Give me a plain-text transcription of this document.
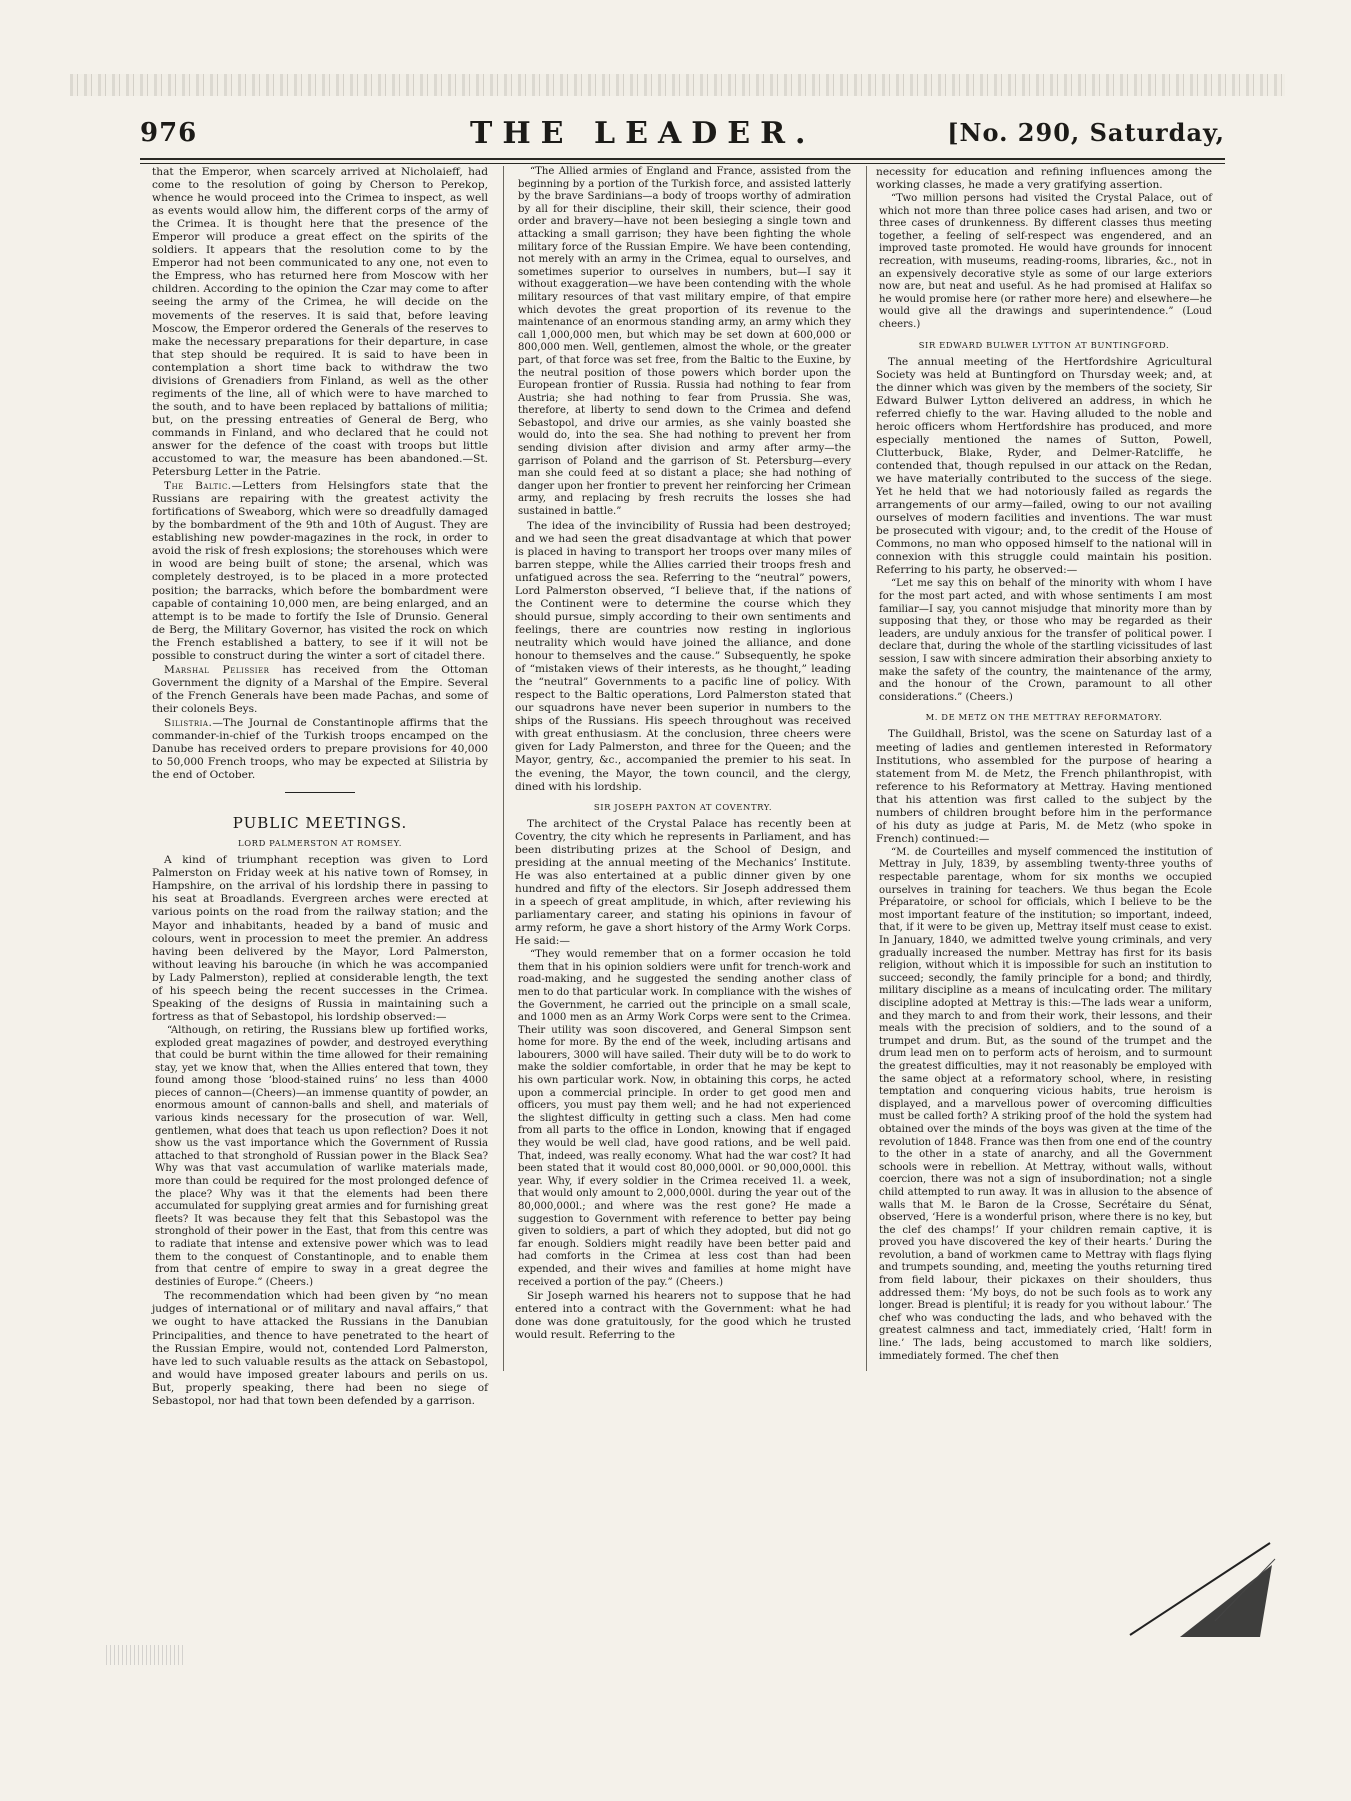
976	THE LEADER.	[No. 290, Saturday,

that the Emperor, when scarcely arrived at Nicholaieff, had come to the resolution of going by Cherson to Perekop, whence he would proceed into the Crimea to inspect, as well as events would allow him, the different corps of the army of the Crimea. It is thought here that the presence of the Emperor will produce a great effect on the spirits of the soldiers. It appears that the resolution come to by the Emperor had not been communicated to any one, not even to the Empress, who has returned here from Moscow with her children. According to the opinion the Czar may come to after seeing the army of the Crimea, he will decide on the movements of the reserves. It is said that, before leaving Moscow, the Emperor ordered the Generals of the reserves to make the necessary preparations for their departure, in case that step should be required. It is said to have been in contemplation a short time back to withdraw the two divisions of Grenadiers from Finland, as well as the other regiments of the line, all of which were to have marched to the south, and to have been replaced by battalions of militia; but, on the pressing entreaties of General de Berg, who commands in Finland, and who declared that he could not answer for the defence of the coast with troops but little accustomed to war, the measure has been abandoned.—St. Petersburg Letter in the Patrie.

The Baltic.—Letters from Helsingfors state that the Russians are repairing with the greatest activity the fortifications of Sweaborg, which were so dreadfully damaged by the bombardment of the 9th and 10th of August. They are establishing new powder-magazines in the rock, in order to avoid the risk of fresh explosions; the storehouses which were in wood are being built of stone; the arsenal, which was completely destroyed, is to be placed in a more protected position; the barracks, which before the bombardment were capable of containing 10,000 men, are being enlarged, and an attempt is to be made to fortify the Isle of Drunsio. General de Berg, the Military Governor, has visited the rock on which the French established a battery, to see if it will not be possible to construct during the winter a sort of citadel there.

Marshal Pelissier has received from the Ottoman Government the dignity of a Marshal of the Empire. Several of the French Generals have been made Pachas, and some of their colonels Beys.

Silistria.—The Journal de Constantinople affirms that the commander-in-chief of the Turkish troops encamped on the Danube has received orders to prepare provisions for 40,000 to 50,000 French troops, who may be expected at Silistria by the end of October.

PUBLIC MEETINGS.
LORD PALMERSTON AT ROMSEY.

A kind of triumphant reception was given to Lord Palmerston on Friday week at his native town of Romsey, in Hampshire, on the arrival of his lordship there in passing to his seat at Broadlands. Evergreen arches were erected at various points on the road from the railway station; and the Mayor and inhabitants, headed by a band of music and colours, went in procession to meet the premier. An address having been delivered by the Mayor, Lord Palmerston, without leaving his barouche (in which he was accompanied by Lady Palmerston), replied at considerable length, the text of his speech being the recent successes in the Crimea. Speaking of the designs of Russia in maintaining such a fortress as that of Sebastopol, his lordship observed:—

“Although, on retiring, the Russians blew up fortified works, exploded great magazines of powder, and destroyed everything that could be burnt within the time allowed for their remaining stay, yet we know that, when the Allies entered that town, they found among those ‘blood-stained ruins’ no less than 4000 pieces of cannon—(Cheers)—an immense quantity of powder, an enormous amount of cannon-balls and shell, and materials of various kinds necessary for the prosecution of war. Well, gentlemen, what does that teach us upon reflection? Does it not show us the vast importance which the Government of Russia attached to that stronghold of Russian power in the Black Sea? Why was that vast accumulation of warlike materials made, more than could be required for the most prolonged defence of the place? Why was it that the elements had been there accumulated for supplying great armies and for furnishing great fleets? It was because they felt that this Sebastopol was the stronghold of their power in the East, that from this centre was to radiate that intense and extensive power which was to lead them to the conquest of Constantinople, and to enable them from that centre of empire to sway in a great degree the destinies of Europe.” (Cheers.)

The recommendation which had been given by “no mean judges of international or of military and naval affairs,” that we ought to have attacked the Russians in the Danubian Principalities, and thence to have penetrated to the heart of the Russian Empire, would not, contended Lord Palmerston, have led to such valuable results as the attack on Sebastopol, and would have imposed greater labours and perils on us. But, properly speaking, there had been no siege of Sebastopol, nor had that town been defended by a garrison.

“The Allied armies of England and France, assisted from the beginning by a portion of the Turkish force, and assisted latterly by the brave Sardinians—a body of troops worthy of admiration by all for their discipline, their skill, their science, their good order and bravery—have not been besieging a single town and attacking a small garrison; they have been fighting the whole military force of the Russian Empire. We have been contending, not merely with an army in the Crimea, equal to ourselves, and sometimes superior to ourselves in numbers, but—I say it without exaggeration—we have been contending with the whole military resources of that vast military empire, of that empire which devotes the great proportion of its revenue to the maintenance of an enormous standing army, an army which they call 1,000,000 men, but which may be set down at 600,000 or 800,000 men. Well, gentlemen, almost the whole, or the greater part, of that force was set free, from the Baltic to the Euxine, by the neutral position of those powers which border upon the European frontier of Russia. Russia had nothing to fear from Austria; she had nothing to fear from Prussia. She was, therefore, at liberty to send down to the Crimea and defend Sebastopol, and drive our armies, as she vainly boasted she would do, into the sea. She had nothing to prevent her from sending division after division and army after army—the garrison of Poland and the garrison of St. Petersburg—every man she could feed at so distant a place; she had nothing of danger upon her frontier to prevent her reinforcing her Crimean army, and replacing by fresh recruits the losses she had sustained in battle.”

The idea of the invincibility of Russia had been destroyed; and we had seen the great disadvantage at which that power is placed in having to transport her troops over many miles of barren steppe, while the Allies carried their troops fresh and unfatigued across the sea. Referring to the “neutral” powers, Lord Palmerston observed, “I believe that, if the nations of the Continent were to determine the course which they should pursue, simply according to their own sentiments and feelings, there are countries now resting in inglorious neutrality which would have joined the alliance, and done honour to themselves and the cause.” Subsequently, he spoke of “mistaken views of their interests, as he thought,” leading the “neutral” Governments to a pacific line of policy. With respect to the Baltic operations, Lord Palmerston stated that our squadrons have never been superior in numbers to the ships of the Russians. His speech throughout was received with great enthusiasm. At the conclusion, three cheers were given for Lady Palmerston, and three for the Queen; and the Mayor, gentry, &c., accompanied the premier to his seat. In the evening, the Mayor, the town council, and the clergy, dined with his lordship.

SIR JOSEPH PAXTON AT COVENTRY.

The architect of the Crystal Palace has recently been at Coventry, the city which he represents in Parliament, and has been distributing prizes at the School of Design, and presiding at the annual meeting of the Mechanics’ Institute. He was also entertained at a public dinner given by one hundred and fifty of the electors. Sir Joseph addressed them in a speech of great amplitude, in which, after reviewing his parliamentary career, and stating his opinions in favour of army reform, he gave a short history of the Army Work Corps. He said:—

“They would remember that on a former occasion he told them that in his opinion soldiers were unfit for trench-work and road-making, and he suggested the sending another class of men to do that particular work. In compliance with the wishes of the Government, he carried out the principle on a small scale, and 1000 men as an Army Work Corps were sent to the Crimea. Their utility was soon discovered, and General Simpson sent home for more. By the end of the week, including artisans and labourers, 3000 will have sailed. Their duty will be to do work to make the soldier comfortable, in order that he may be kept to his own particular work. Now, in obtaining this corps, he acted upon a commercial principle. In order to get good men and officers, you must pay them well; and he had not experienced the slightest difficulty in getting such a class. Men had come from all parts to the office in London, knowing that if engaged they would be well clad, have good rations, and be well paid. That, indeed, was really economy. What had the war cost? It had been stated that it would cost 80,000,000l. or 90,000,000l. this year. Why, if every soldier in the Crimea received 1l. a week, that would only amount to 2,000,000l. during the year out of the 80,000,000l.; and where was the rest gone? He made a suggestion to Government with reference to better pay being given to soldiers, a part of which they adopted, but did not go far enough. Soldiers might readily have been better paid and had comforts in the Crimea at less cost than had been expended, and their wives and families at home might have received a portion of the pay.” (Cheers.)

Sir Joseph warned his hearers not to suppose that he had entered into a contract with the Government: what he had done was done gratuitously, for the good which he trusted would result. Referring to the

necessity for education and refining influences among the working classes, he made a very gratifying assertion.

“Two million persons had visited the Crystal Palace, out of which not more than three police cases had arisen, and two or three cases of drunkenness. By different classes thus meeting together, a feeling of self-respect was engendered, and an improved taste promoted. He would have grounds for innocent recreation, with museums, reading-rooms, libraries, &c., not in an expensively decorative style as some of our large exteriors now are, but neat and useful. As he had promised at Halifax so he would promise here (or rather more here) and elsewhere—he would give all the drawings and superintendence.” (Loud cheers.)

SIR EDWARD BULWER LYTTON AT BUNTINGFORD.

The annual meeting of the Hertfordshire Agricultural Society was held at Buntingford on Thursday week; and, at the dinner which was given by the members of the society, Sir Edward Bulwer Lytton delivered an address, in which he referred chiefly to the war. Having alluded to the noble and heroic officers whom Hertfordshire has produced, and more especially mentioned the names of Sutton, Powell, Clutterbuck, Blake, Ryder, and Delmer-Ratcliffe, he contended that, though repulsed in our attack on the Redan, we have materially contributed to the success of the siege. Yet he held that we had notoriously failed as regards the arrangements of our army—failed, owing to our not availing ourselves of modern facilities and inventions. The war must be prosecuted with vigour; and, to the credit of the House of Commons, no man who opposed himself to the national will in connexion with this struggle could maintain his position. Referring to his party, he observed:—

“Let me say this on behalf of the minority with whom I have for the most part acted, and with whose sentiments I am most familiar—I say, you cannot misjudge that minority more than by supposing that they, or those who may be regarded as their leaders, are unduly anxious for the transfer of political power. I declare that, during the whole of the startling vicissitudes of last session, I saw with sincere admiration their absorbing anxiety to make the safety of the country, the maintenance of the army, and the honour of the Crown, paramount to all other considerations.” (Cheers.)

M. DE METZ ON THE METTRAY REFORMATORY.

The Guildhall, Bristol, was the scene on Saturday last of a meeting of ladies and gentlemen interested in Reformatory Institutions, who assembled for the purpose of hearing a statement from M. de Metz, the French philanthropist, with reference to his Reformatory at Mettray. Having mentioned that his attention was first called to the subject by the numbers of children brought before him in the performance of his duty as judge at Paris, M. de Metz (who spoke in French) continued:—

“M. de Courteilles and myself commenced the institution of Mettray in July, 1839, by assembling twenty-three youths of respectable parentage, whom for six months we occupied ourselves in training for teachers. We thus began the Ecole Préparatoire, or school for officials, which I believe to be the most important feature of the institution; so important, indeed, that, if it were to be given up, Mettray itself must cease to exist. In January, 1840, we admitted twelve young criminals, and very gradually increased the number. Mettray has first for its basis religion, without which it is impossible for such an institution to succeed; secondly, the family principle for a bond; and thirdly, military discipline as a means of inculcating order. The military discipline adopted at Mettray is this:—The lads wear a uniform, and they march to and from their work, their lessons, and their meals with the precision of soldiers, and to the sound of a trumpet and drum. But, as the sound of the trumpet and the drum lead men on to perform acts of heroism, and to surmount the greatest difficulties, may it not reasonably be employed with the same object at a reformatory school, where, in resisting temptation and conquering vicious habits, true heroism is displayed, and a marvellous power of overcoming difficulties must be called forth? A striking proof of the hold the system had obtained over the minds of the boys was given at the time of the revolution of 1848. France was then from one end of the country to the other in a state of anarchy, and all the Government schools were in rebellion. At Mettray, without walls, without coercion, there was not a sign of insubordination; not a single child attempted to run away. It was in allusion to the absence of walls that M. le Baron de la Crosse, Secrétaire du Sénat, observed, ‘Here is a wonderful prison, where there is no key, but the clef des champs!’ If your children remain captive, it is proved you have discovered the key of their hearts.’ During the revolution, a band of workmen came to Mettray with flags flying and trumpets sounding, and, meeting the youths returning tired from field labour, their pickaxes on their shoulders, thus addressed them: ‘My boys, do not be such fools as to work any longer. Bread is plentiful; it is ready for you without labour.’ The chef who was conducting the lads, and who behaved with the greatest calmness and tact, immediately cried, ‘Halt! form in line.’ The lads, being accustomed to march like soldiers, immediately formed. The chef then
